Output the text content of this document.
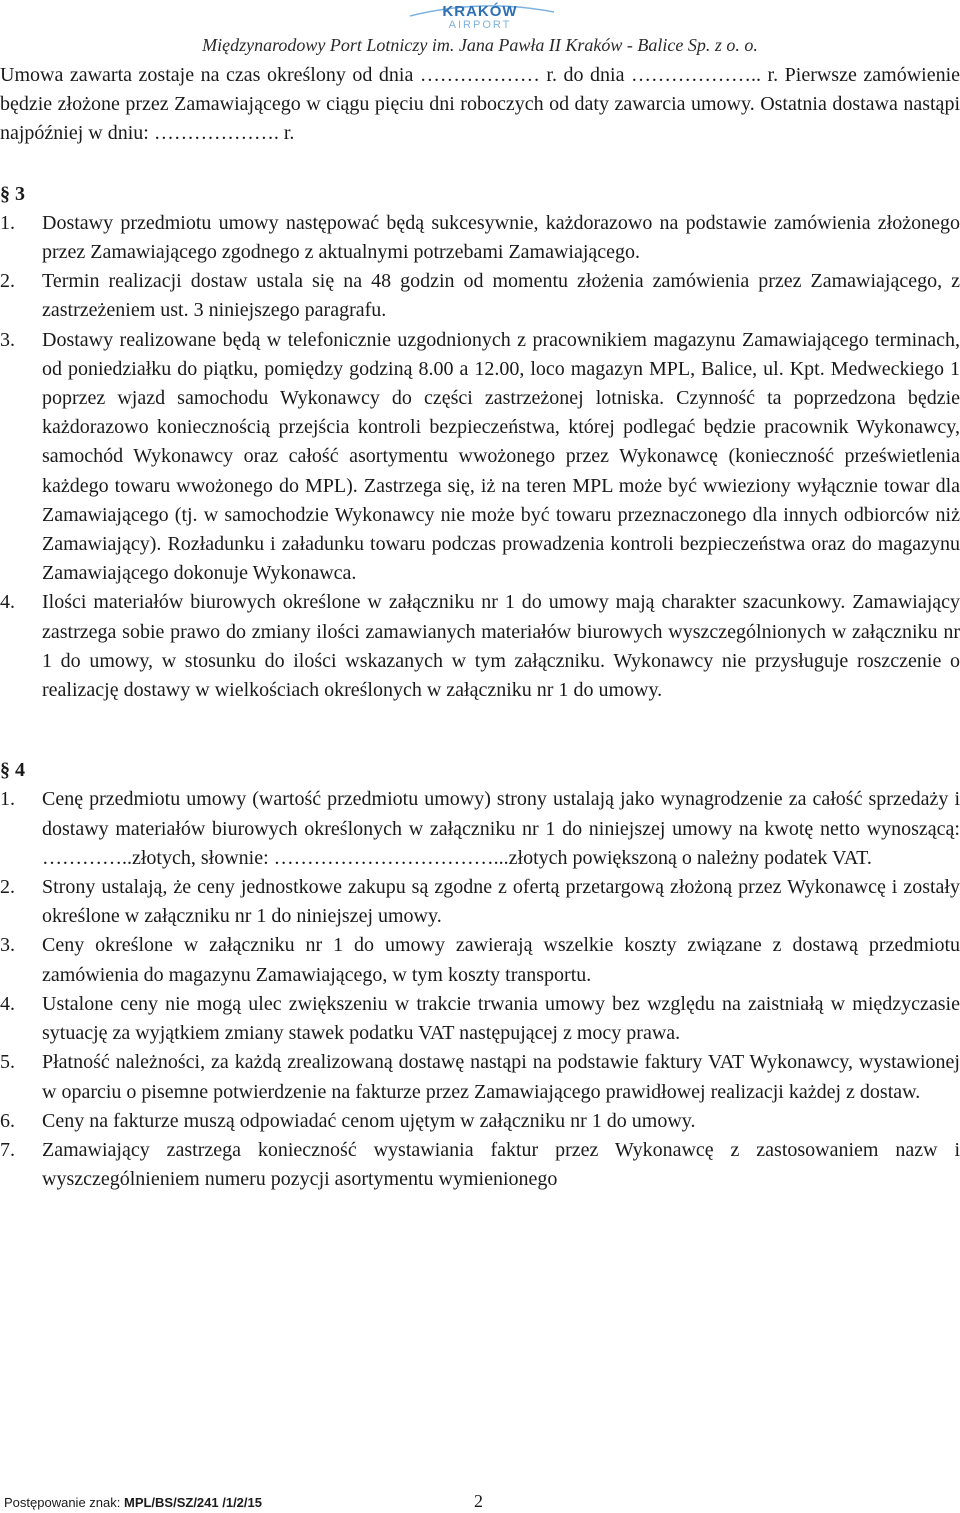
KRAKÓW
AIRPORT
Międzynarodowy Port Lotniczy im. Jana Pawła II Kraków - Balice Sp. z o. o.

Umowa zawarta zostaje na czas określony od dnia ……………… r. do dnia ……………….. r. Pierwsze zamówienie będzie złożone przez Zamawiającego w ciągu pięciu dni roboczych od daty zawarcia umowy. Ostatnia dostawa nastąpi najpóźniej w dniu: ………………. r.

§ 3

1.	Dostawy przedmiotu umowy następować będą sukcesywnie, każdorazowo na podstawie zamówienia złożonego przez Zamawiającego zgodnego z aktualnymi potrzebami Zamawiającego.
2.	Termin realizacji dostaw ustala się na 48 godzin od momentu złożenia zamówienia przez Zamawiającego, z zastrzeżeniem ust. 3 niniejszego paragrafu.
3.	Dostawy realizowane będą w telefonicznie uzgodnionych z pracownikiem magazynu Zamawiającego terminach, od poniedziałku do piątku, pomiędzy godziną 8.00 a 12.00, loco magazyn MPL, Balice, ul. Kpt. Medweckiego 1 poprzez wjazd samochodu Wykonawcy do części zastrzeżonej lotniska. Czynność ta poprzedzona będzie każdorazowo koniecznością przejścia kontroli bezpieczeństwa, której podlegać będzie pracownik Wykonawcy, samochód Wykonawcy oraz całość asortymentu wwożonego przez Wykonawcę (konieczność prześwietlenia każdego towaru wwożonego do MPL). Zastrzega się, iż na teren MPL może być wwieziony wyłącznie towar dla Zamawiającego (tj. w samochodzie Wykonawcy nie może być towaru przeznaczonego dla innych odbiorców niż Zamawiający). Rozładunku i załadunku towaru podczas prowadzenia kontroli bezpieczeństwa oraz do magazynu Zamawiającego dokonuje Wykonawca.
4.	Ilości materiałów biurowych określone w załączniku nr 1 do umowy mają charakter szacunkowy. Zamawiający zastrzega sobie prawo do zmiany ilości zamawianych materiałów biurowych wyszczególnionych w załączniku nr 1 do umowy, w stosunku do ilości wskazanych w tym załączniku. Wykonawcy nie przysługuje roszczenie o realizację dostawy w wielkościach określonych w załączniku nr 1 do umowy.

§ 4

1.	Cenę przedmiotu umowy (wartość przedmiotu umowy) strony ustalają jako wynagrodzenie za całość sprzedaży i dostawy materiałów biurowych określonych w załączniku nr 1 do niniejszej umowy na kwotę netto wynoszącą: …………..złotych, słownie: ……………………………...złotych powiększoną o należny podatek VAT.
2.	Strony ustalają, że ceny jednostkowe zakupu są zgodne z ofertą przetargową złożoną przez Wykonawcę i zostały określone w załączniku nr 1 do niniejszej umowy.
3.	Ceny określone w załączniku nr 1 do umowy zawierają wszelkie koszty związane z dostawą przedmiotu zamówienia do magazynu Zamawiającego, w tym koszty transportu.
4.	Ustalone ceny nie mogą ulec zwiększeniu w trakcie trwania umowy bez względu na zaistniałą w międzyczasie sytuację za wyjątkiem zmiany stawek podatku VAT następującej z mocy prawa.
5.	Płatność należności, za każdą zrealizowaną dostawę nastąpi na podstawie faktury VAT Wykonawcy, wystawionej w oparciu o pisemne potwierdzenie na fakturze przez Zamawiającego prawidłowej realizacji każdej z dostaw.
6.	Ceny na fakturze muszą odpowiadać cenom ujętym w załączniku nr 1 do umowy.
7.	Zamawiający zastrzega konieczność wystawiania faktur przez Wykonawcę z zastosowaniem nazw i wyszczególnieniem numeru pozycji asortymentu wymienionego
Postępowanie znak: MPL/BS/SZ/241 /1/2/15	2
